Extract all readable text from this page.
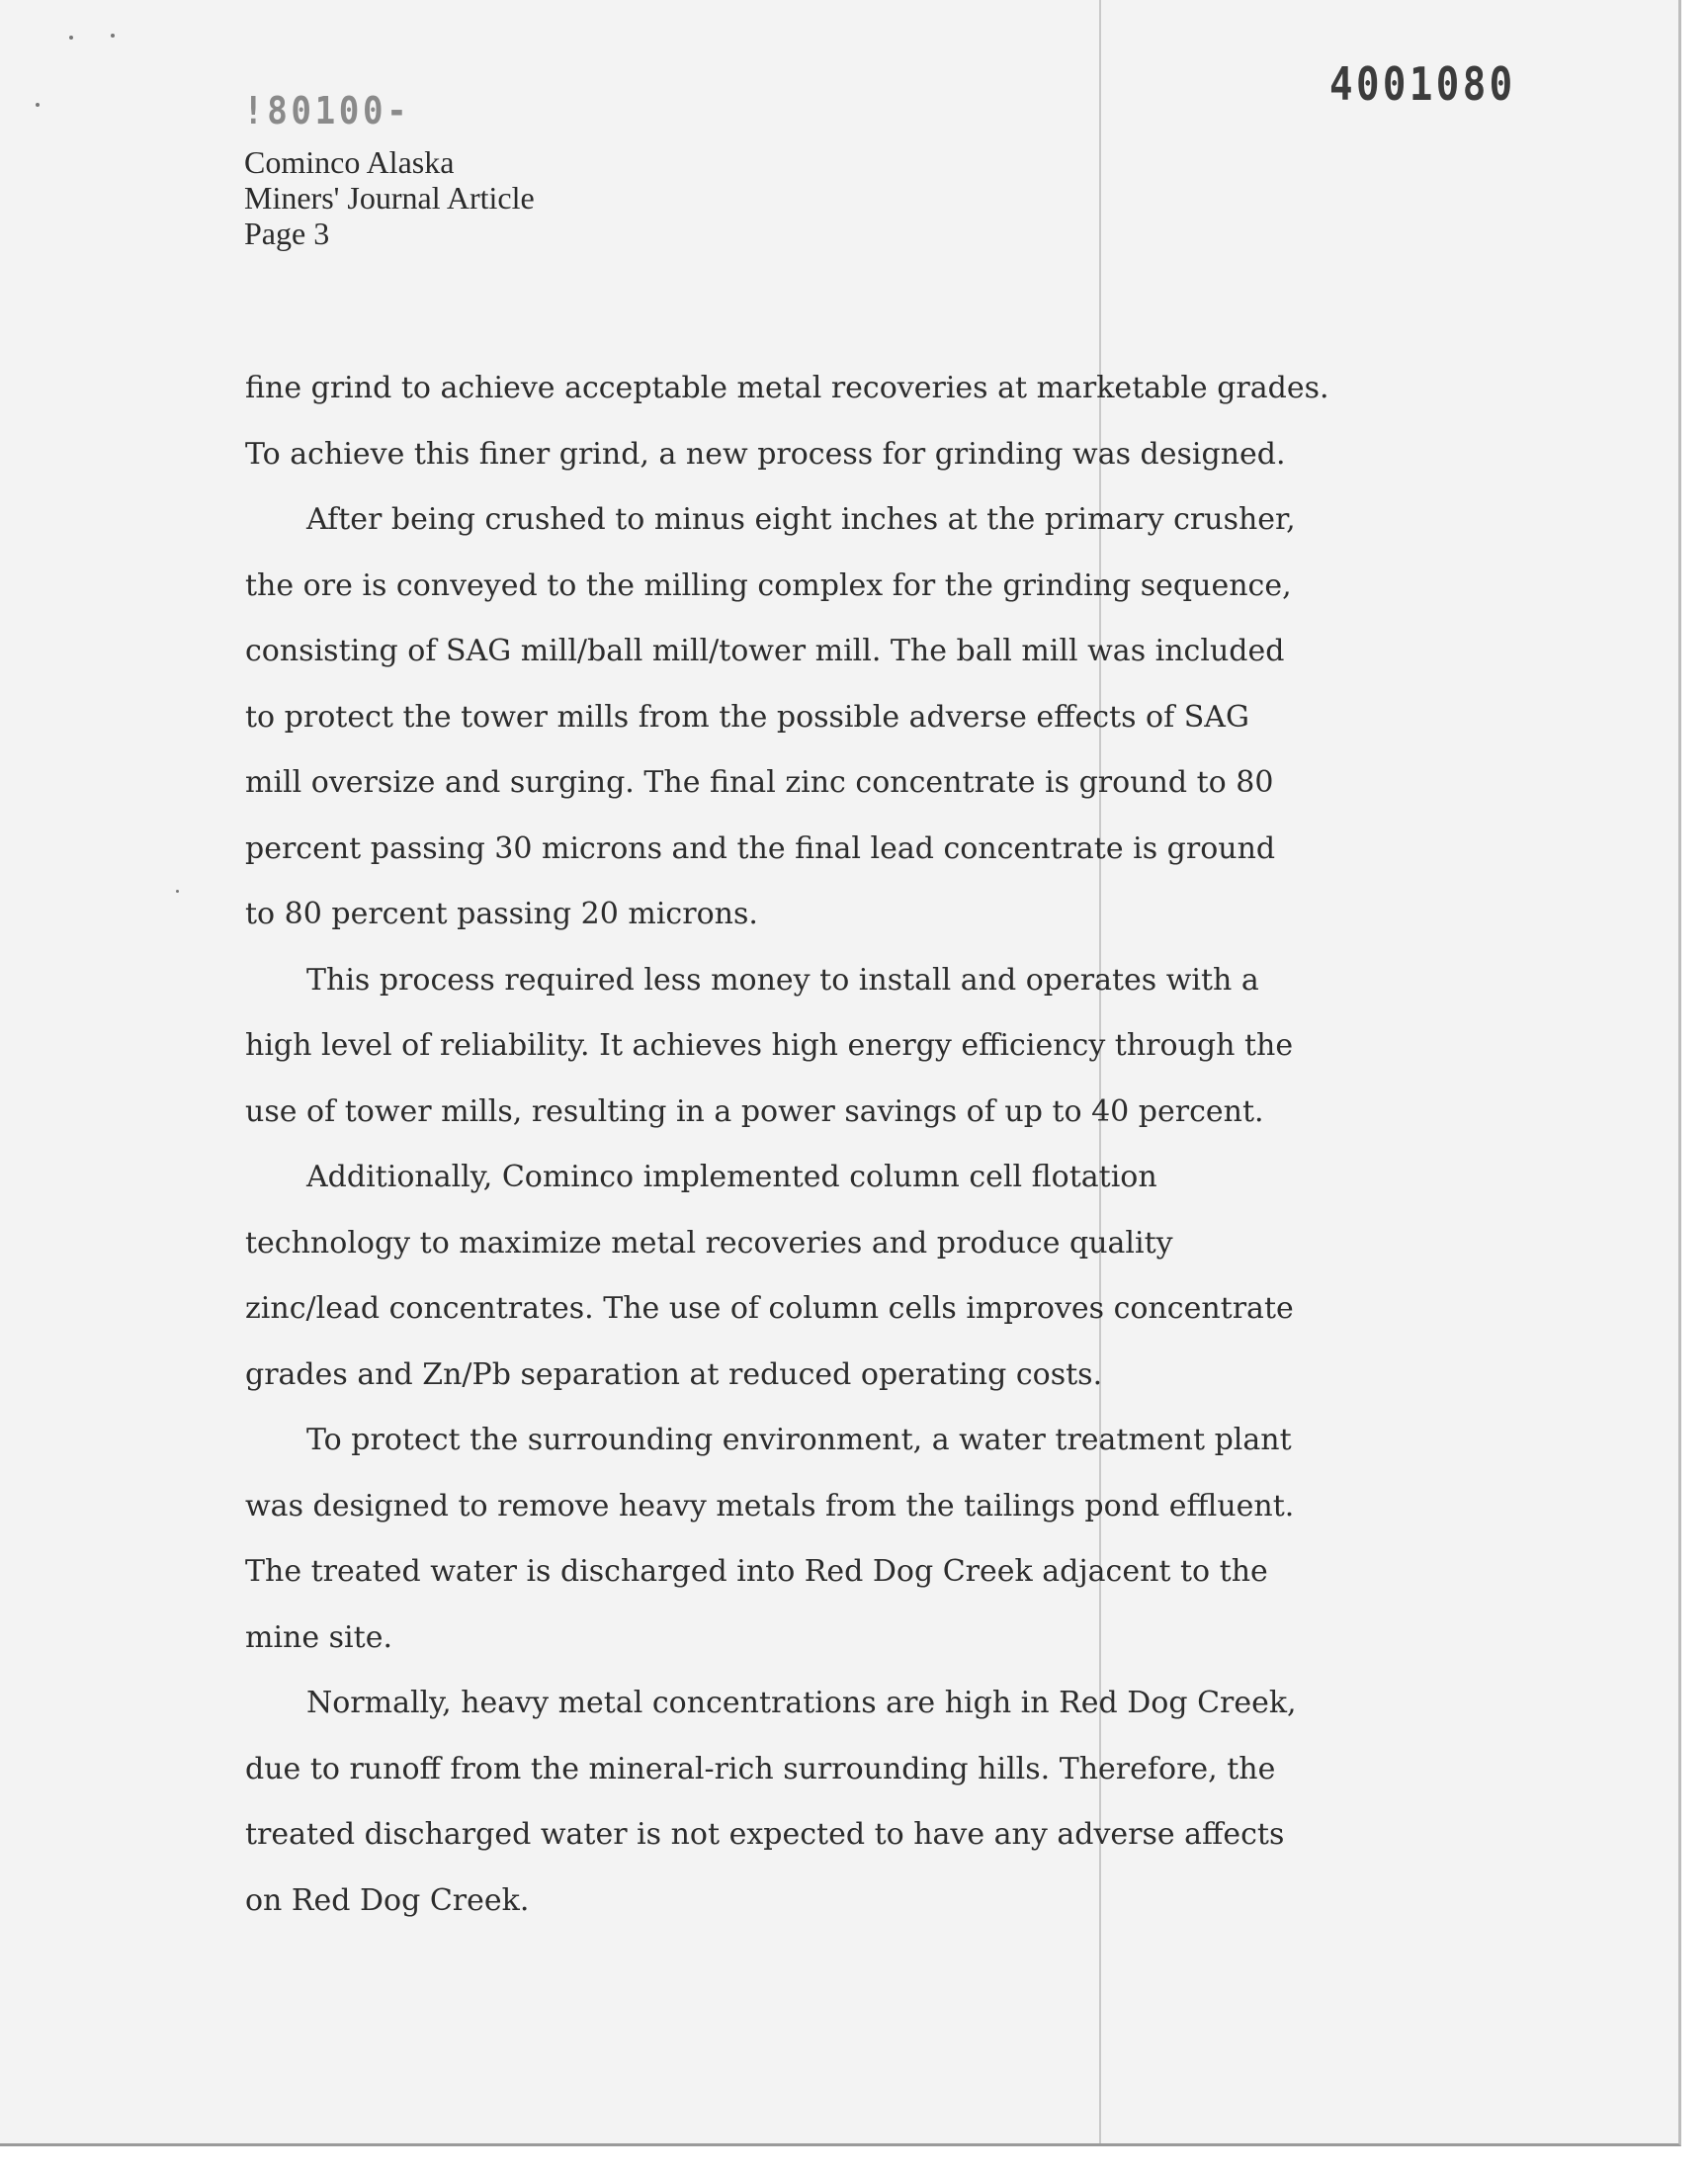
!80100-	4001080
Cominco Alaska
Miners' Journal Article
Page 3
fine grind to achieve acceptable metal recoveries at marketable grades.
To achieve this finer grind, a new process for grinding was designed.
After being crushed to minus eight inches at the primary crusher,
the ore is conveyed to the milling complex for the grinding sequence,
consisting of SAG mill/ball mill/tower mill. The ball mill was included
to protect the tower mills from the possible adverse effects of SAG
mill oversize and surging. The final zinc concentrate is ground to 80
percent passing 30 microns and the final lead concentrate is ground
to 80 percent passing 20 microns.
This process required less money to install and operates with a
high level of reliability. It achieves high energy efficiency through the
use of tower mills, resulting in a power savings of up to 40 percent.
Additionally, Cominco implemented column cell flotation
technology to maximize metal recoveries and produce quality
zinc/lead concentrates. The use of column cells improves concentrate
grades and Zn/Pb separation at reduced operating costs.
To protect the surrounding environment, a water treatment plant
was designed to remove heavy metals from the tailings pond effluent.
The treated water is discharged into Red Dog Creek adjacent to the
mine site.
Normally, heavy metal concentrations are high in Red Dog Creek,
due to runoff from the mineral-rich surrounding hills. Therefore, the
treated discharged water is not expected to have any adverse affects
on Red Dog Creek.
